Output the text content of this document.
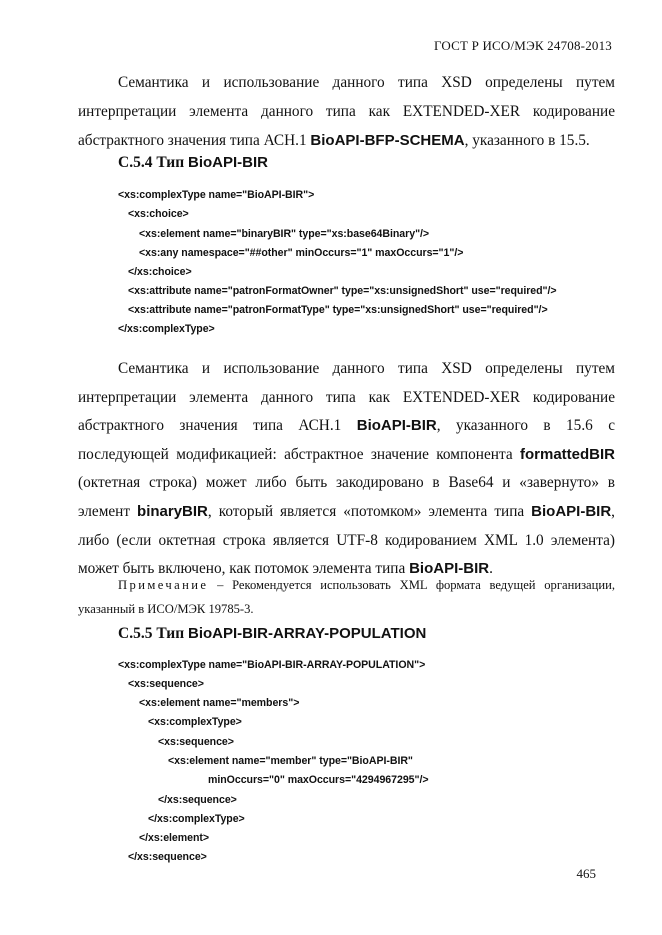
ГОСТ Р ИСО/МЭК 24708-2013

Семантика и использование данного типа XSD определены путем интерпретации элемента данного типа как EXTENDED-XER кодирование абстрактного значения типа АСН.1 BioAPI-BFP-SCHEMA, указанного в 15.5.

С.5.4 Тип BioAPI-BIR
<xs:complexType name="BioAPI-BIR">
<xs:choice>
<xs:element name="binaryBIR" type="xs:base64Binary"/>
<xs:any namespace="##other" minOccurs="1" maxOccurs="1"/>
</xs:choice>
<xs:attribute name="patronFormatOwner" type="xs:unsignedShort" use="required"/>
<xs:attribute name="patronFormatType" type="xs:unsignedShort" use="required"/>
</xs:complexType>

Семантика и использование данного типа XSD определены путем интерпретации элемента данного типа как EXTENDED-XER кодирование абстрактного значения типа АСН.1 BioAPI-BIR, указанного в 15.6 с последующей модификацией: абстрактное значение компонента formattedBIR (октетная строка) может либо быть закодировано в Base64 и «завернуто» в элемент binaryBIR, который является «потомком» элемента типа BioAPI-BIR, либо (если октетная строка является UTF-8 кодированием XML 1.0 элемента) может быть включено, как потомок элемента типа BioAPI-BIR.

Примечание – Рекомендуется использовать XML формата ведущей организации, указанный в ИСО/МЭК 19785-3.

С.5.5 Тип BioAPI-BIR-ARRAY-POPULATION
<xs:complexType name="BioAPI-BIR-ARRAY-POPULATION">
<xs:sequence>
<xs:element name="members">
<xs:complexType>
<xs:sequence>
<xs:element name="member" type="BioAPI-BIR"
minOccurs="0" maxOccurs="4294967295"/>
</xs:sequence>
</xs:complexType>
</xs:element>
</xs:sequence>
465
